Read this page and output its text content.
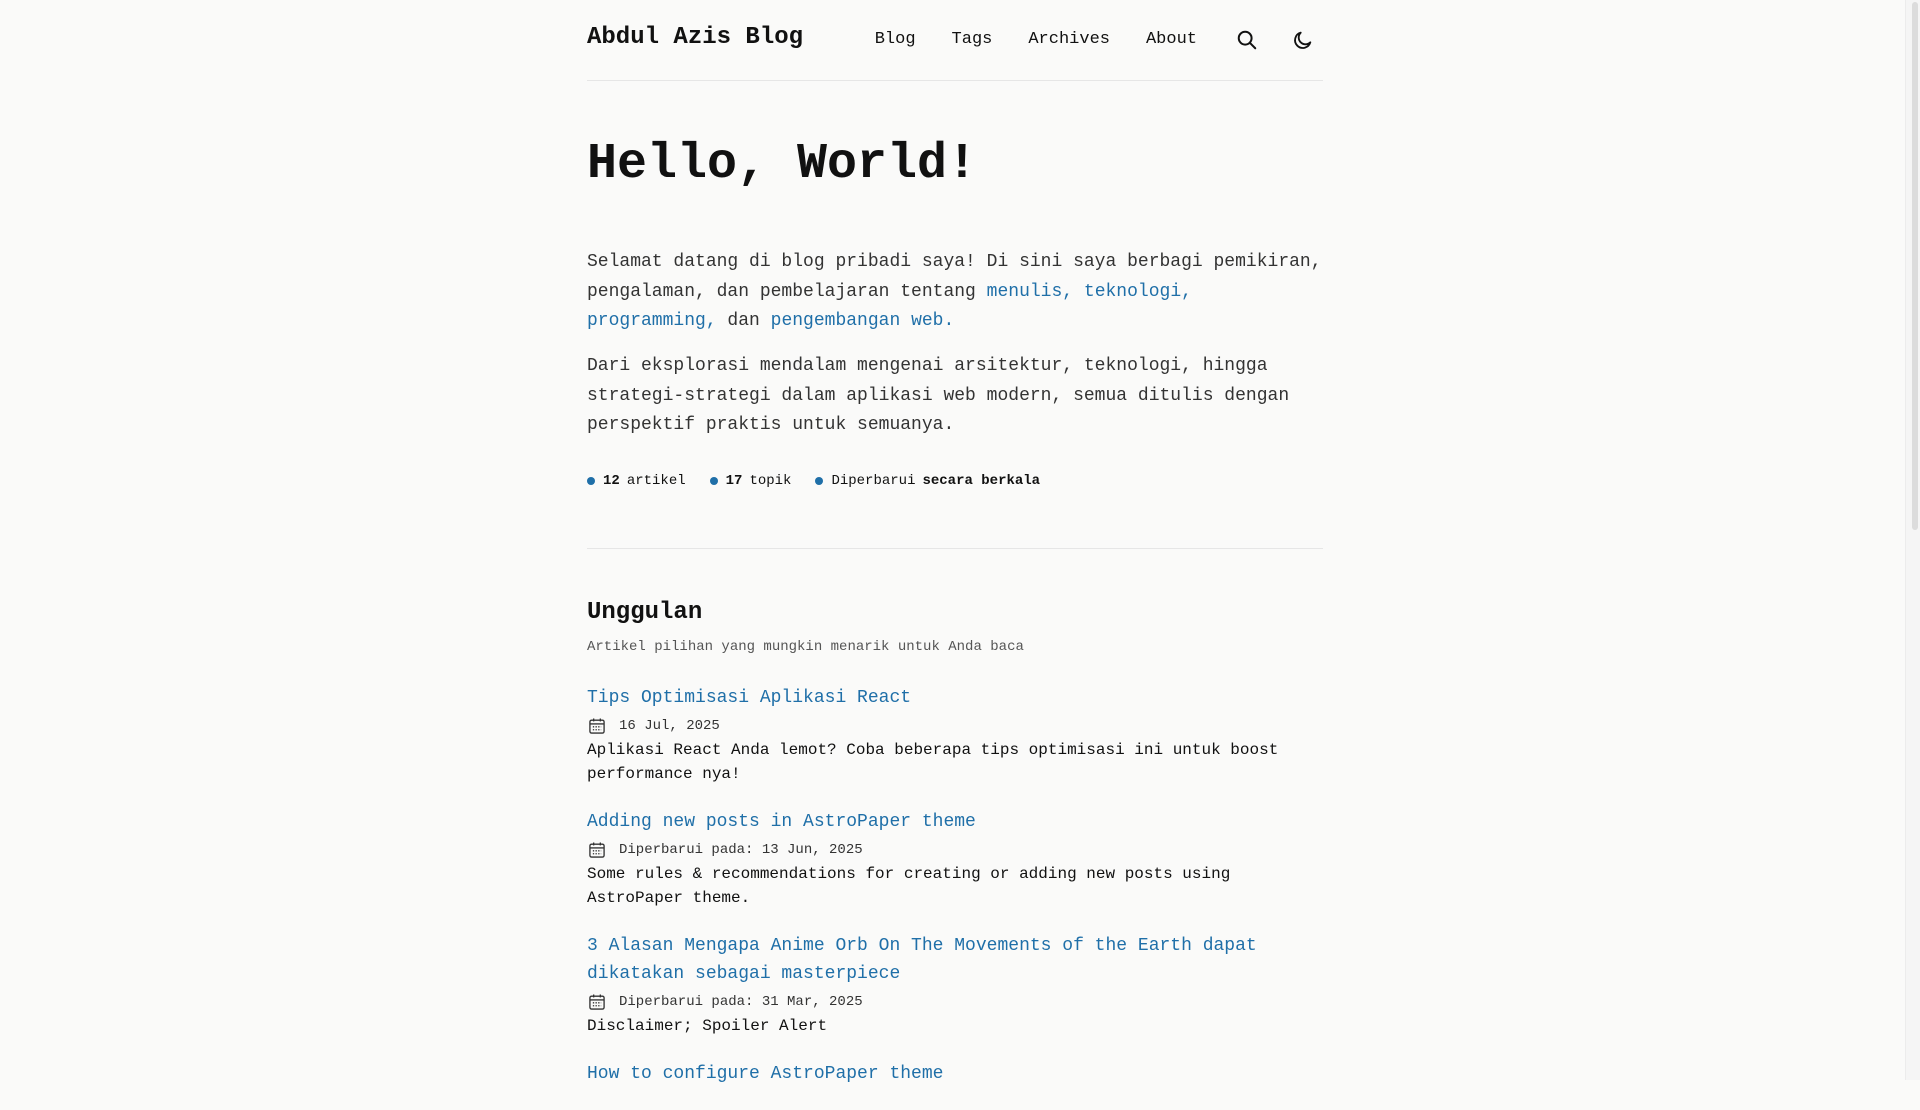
Abdul Azis Blog	Blog Tags Archives About
Hello, World!

Selamat datang di blog pribadi saya! Di sini saya berbagi pemikiran, pengalaman, dan pembelajaran tentang menulis, teknologi, programming, dan pengembangan web.

Dari eksplorasi mendalam mengenai arsitektur, teknologi, hingga strategi-strategi dalam aplikasi web modern, semua ditulis dengan perspektif praktis untuk semuanya.

12 artikel	17 topik	Diperbarui secara berkala
Unggulan
Artikel pilihan yang mungkin menarik untuk Anda baca
Tips Optimisasi Aplikasi React
16 Jul, 2025
Aplikasi React Anda lemot? Coba beberapa tips optimisasi ini untuk boost performance nya!
Adding new posts in AstroPaper theme
Diperbarui pada: 13 Jun, 2025
Some rules & recommendations for creating or adding new posts using AstroPaper theme.
3 Alasan Mengapa Anime Orb On The Movements of the Earth dapat dikatakan sebagai masterpiece
Diperbarui pada: 31 Mar, 2025
Disclaimer; Spoiler Alert
How to configure AstroPaper theme
